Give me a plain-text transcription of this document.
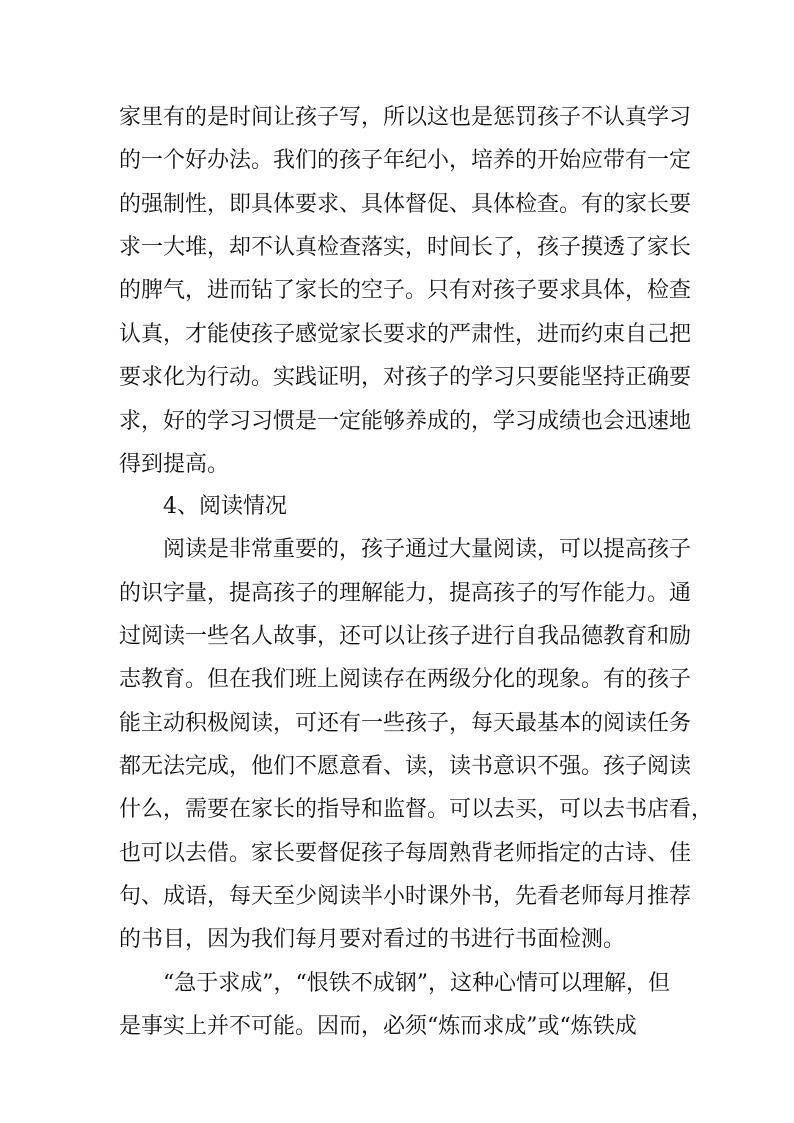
家里有的是时间让孩子写，所以这也是惩罚孩子不认真学习
的一个好办法。我们的孩子年纪小，培养的开始应带有一定
的强制性，即具体要求、具体督促、具体检查。有的家长要
求一大堆，却不认真检查落实，时间长了，孩子摸透了家长
的脾气，进而钻了家长的空子。只有对孩子要求具体，检查
认真，才能使孩子感觉家长要求的严肃性，进而约束自己把
要求化为行动。实践证明，对孩子的学习只要能坚持正确要
求，好的学习习惯是一定能够养成的，学习成绩也会迅速地
得到提高。
4、阅读情况
阅读是非常重要的，孩子通过大量阅读，可以提高孩子
的识字量，提高孩子的理解能力，提高孩子的写作能力。通
过阅读一些名人故事，还可以让孩子进行自我品德教育和励
志教育。但在我们班上阅读存在两级分化的现象。有的孩子
能主动积极阅读，可还有一些孩子，每天最基本的阅读任务
都无法完成，他们不愿意看、读，读书意识不强。孩子阅读
什么，需要在家长的指导和监督。可以去买，可以去书店看，
也可以去借。家长要督促孩子每周熟背老师指定的古诗、佳
句、成语，每天至少阅读半小时课外书，先看老师每月推荐
的书目，因为我们每月要对看过的书进行书面检测。
“急于求成”，“恨铁不成钢”，这种心情可以理解，但
是事实上并不可能。因而，必须“炼而求成”或“炼铁成
